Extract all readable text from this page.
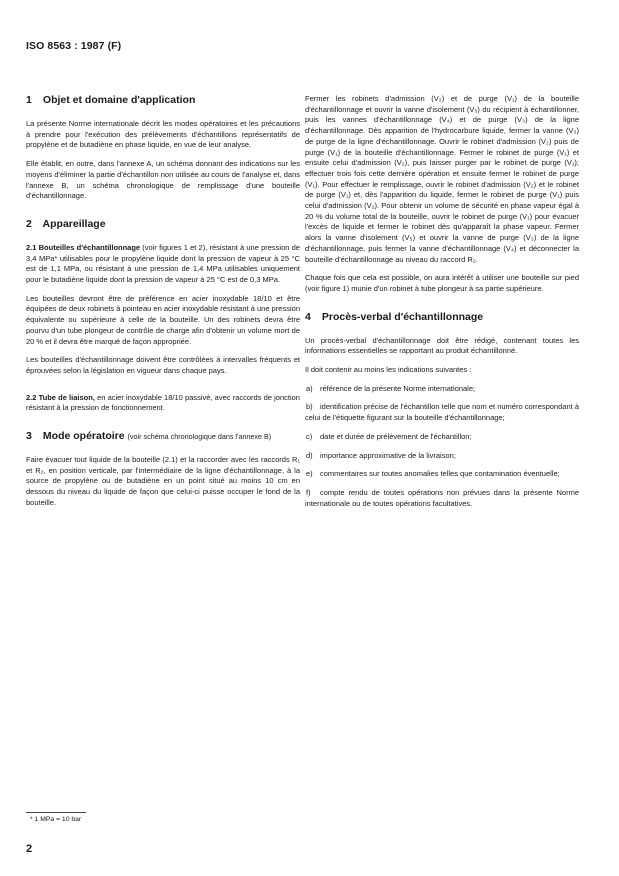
ISO 8563 : 1987 (F)
1 Objet et domaine d'application

La présente Norme internationale décrit les modes opératoires et les précautions à prendre pour l'exécution des prélèvements d'échantillons représentatifs de propylène et de butadiène en phase liquide, en vue de leur analyse.

Elle établit, en outre, dans l'annexe A, un schéma donnant des indications sur les moyens d'éliminer la partie d'échantillon non utilisée au cours de l'analyse et, dans l'annexe B, un schéma chronologique de remplissage d'une bouteille d'échantillonnage.

2 Appareillage

2.1 Bouteilles d'échantillonnage (voir figures 1 et 2), résistant à une pression de 3,4 MPa* utilisables pour le propylène liquide dont la pression de vapeur à 25 °C est de 1,1 MPa, ou résistant à une pression de 1,4 MPa utilisables uniquement pour le butadiène liquide dont la pression de vapeur à 25 °C est de 0,3 MPa.

Les bouteilles devront être de préférence en acier inoxydable 18/10 et être équipées de deux robinets à pointeau en acier inoxydable résistant à une pression équivalente ou supérieure à celle de la bouteille. Un des robinets devra être pourvu d'un tube plongeur de contrôle de charge afin d'obtenir un volume mort de 20 % et il devra être marqué de façon appropriée.

Les bouteilles d'échantillonnage doivent être contrôlées à intervalles fréquents et éprouvées selon la législation en vigueur dans chaque pays.

2.2 Tube de liaison, en acier inoxydable 18/10 passivé, avec raccords de jonction résistant à la pression de fonctionnement.

3 Mode opératoire (voir schéma chronologique dans l'annexe B)

Faire évacuer tout liquide de la bouteille (2.1) et la raccorder avec les raccords R₁ et R₂, en position verticale, par l'intermédiaire de la ligne d'échantillonnage, à la source de propylène ou de butadiène en un point situé au moins 10 cm en dessous du niveau du liquide de façon que celui-ci puisse occuper le fond de la bouteille.

Fermer les robinets d'admission (V₂) et de purge (V₁) de la bouteille d'échantillonnage et ouvrir la vanne d'isolement (V₅) du récipient à échantillonner, puis les vannes d'échantillonnage (V₄) et de purge (V₃) de la ligne d'échantillonnage. Dès apparition de l'hydrocarbure liquide, fermer la vanne (V₃) de purge de la ligne d'échantillonnage. Ouvrir le robinet d'admission (V₂) puis de purge (V₁) de la bouteille d'échantillonnage. Fermer le robinet de purge (V₁) et ensuite celui d'admission (V₂), puis laisser purger par le robinet de purge (V₁); effectuer trois fois cette dernière opération et ensuite fermer le robinet de purge (V₁). Pour effectuer le remplissage, ouvrir le robinet d'admission (V₂) et le robinet de purge (V₁) et, dès l'apparition du liquide, fermer le robinet de purge (V₁) puis celui d'admission (V₂). Pour obtenir un volume de sécurité en phase vapeur égal à 20 % du volume total de la bouteille, ouvrir le robinet de purge (V₁) pour évacuer l'excès de liquide et fermer le robinet dès qu'apparaît la phase vapeur. Fermer alors la vanne d'isolement (V₅) et ouvrir la vanne de purge (V₃) de la ligne d'échantillonnage, puis fermer la vanne d'échantillonnage (V₄) et déconnecter la bouteille d'échantillonnage au niveau du raccord R₂.

Chaque fois que cela est possible, on aura intérêt à utiliser une bouteille sur pied (voir figure 1) munie d'un robinet à tube plongeur à sa partie supérieure.

4 Procès-verbal d'échantillonnage

Un procès-verbal d'échantillonnage doit être rédigé, contenant toutes les informations essentielles se rapportant au produit échantillonné.

Il doit contenir au moins les indications suivantes :

a) référence de la présente Norme internationale;
b) identification précise de l'échantillon telle que nom et numéro correspondant à celui de l'étiquette figurant sur la bouteille d'échantillonnage;
c) date et durée de prélèvement de l'échantillon;
d) importance approximative de la livraison;
e) commentaires sur toutes anomalies telles que contamination éventuelle;
f) compte rendu de toutes opérations non prévues dans la présente Norme internationale ou de toutes opérations facultatives.
* 1 MPa = 10 bar
2
